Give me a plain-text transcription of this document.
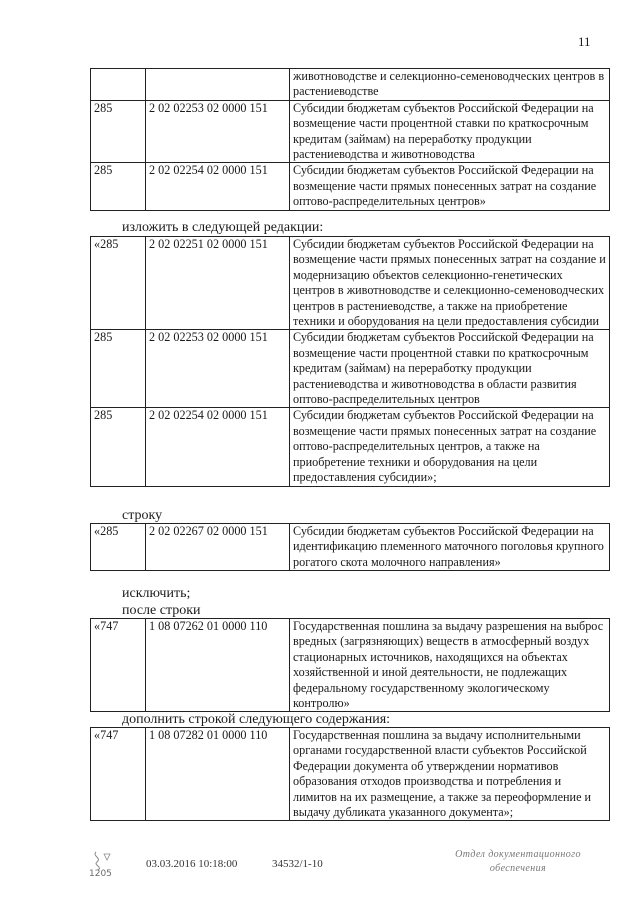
11
		животноводстве и селекционно-семеноводческих центров в растениеводстве
285	2 02 02253 02 0000 151	Субсидии бюджетам субъектов Российской Федерации на возмещение части процентной ставки по краткосрочным кредитам (займам) на переработку продукции растениеводства и животноводства
285	2 02 02254 02 0000 151	Субсидии бюджетам субъектов Российской Федерации на возмещение части прямых понесенных затрат на создание оптово-распределительных центров»
изложить в следующей редакции:
«285	2 02 02251 02 0000 151	Субсидии бюджетам субъектов Российской Федерации на возмещение части прямых понесенных затрат на создание и модернизацию объектов селекционно-генетических центров в животноводстве и селекционно-семеноводческих центров в растениеводстве, а также на приобретение техники и оборудования на цели предоставления субсидии
285	2 02 02253 02 0000 151	Субсидии бюджетам субъектов Российской Федерации на возмещение части процентной ставки по краткосрочным кредитам (займам) на переработку продукции растениеводства и животноводства в области развития оптово-распределительных центров
285	2 02 02254 02 0000 151	Субсидии бюджетам субъектов Российской Федерации на возмещение части прямых понесенных затрат на создание оптово-распределительных центров, а также на приобретение техники и оборудования на цели предоставления субсидии»;
строку
«285	2 02 02267 02 0000 151	Субсидии бюджетам субъектов Российской Федерации на идентификацию племенного маточного поголовья крупного рогатого скота молочного направления»
исключить;
после строки
«747	1 08 07262 01 0000 110	Государственная пошлина за выдачу разрешения на выброс вредных (загрязняющих) веществ в атмосферный воздух стационарных источников, находящихся на объектах хозяйственной и иной деятельности, не подлежащих федеральному государственному экологическому контролю»
дополнить строкой следующего содержания:
«747	1 08 07282 01 0000 110	Государственная пошлина за выдачу исполнительными органами государственной власти субъектов Российской Федерации документа об утверждении нормативов образования отходов производства и потребления и лимитов на их размещение, а также за переоформление и выдачу дубликата указанного документа»;
1205
03.03.2016 10:18:00	34532/1-10
Отдел документационного
обеспечения
